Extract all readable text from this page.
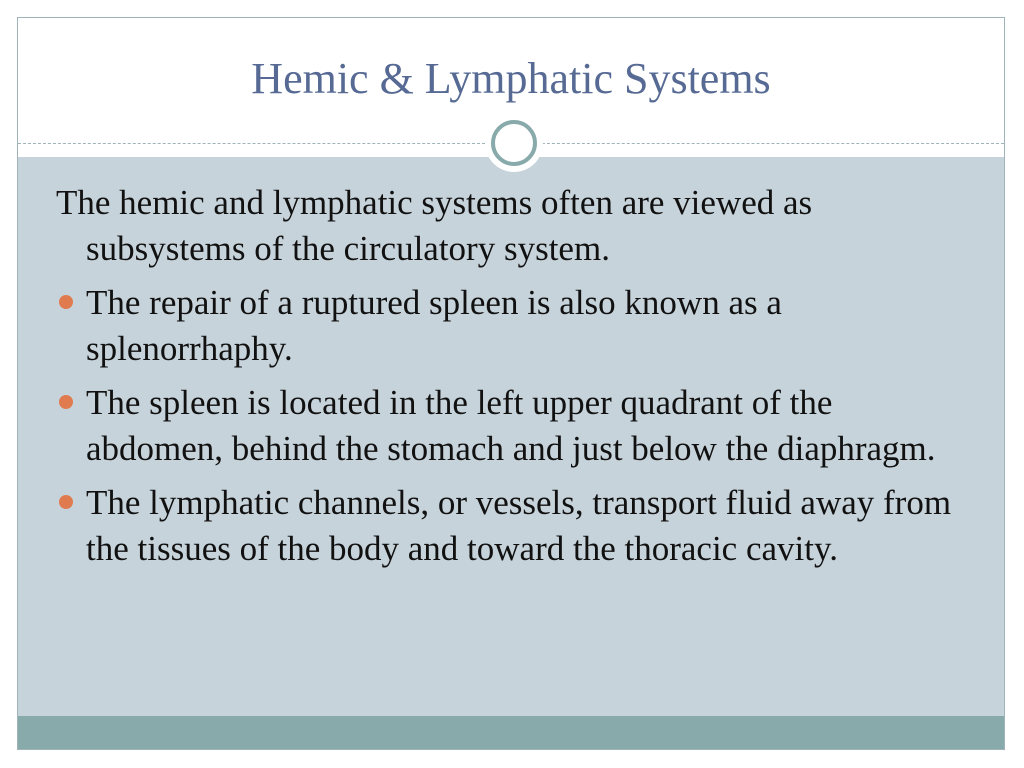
Hemic & Lymphatic Systems

The hemic and lymphatic systems often are viewed as subsystems of the circulatory system.

The repair of a ruptured spleen is also known as a splenorrhaphy.
The spleen is located in the left upper quadrant of the abdomen, behind the stomach and just below the diaphragm.
The lymphatic channels, or vessels, transport fluid away from the tissues of the body and toward the thoracic cavity.
